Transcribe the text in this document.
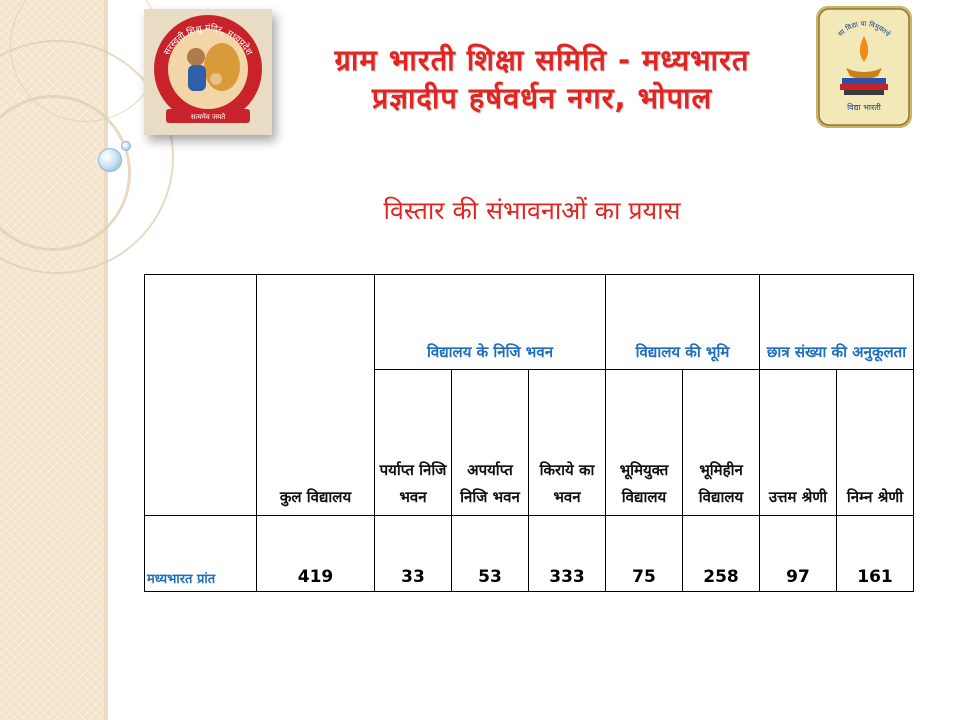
सरस्वती शिशु मंदिर, मध्यप्रदेश
सत्यमेव जयते
सा विद्या या विमुक्तये
विद्या भारती
ग्राम भारती शिक्षा समिति - मध्यभारत
प्रज्ञादीप हर्षवर्धन नगर, भोपाल
विस्तार की संभावनाओं का प्रयास
	कुल विद्यालय	विद्यालय के निजि भवन			विद्यालय की भूमि		छात्र संख्या की अनुकूलता	
		पर्याप्त निजि भवन	अपर्याप्त निजि भवन	किराये का भवन	भूमियुक्त विद्यालय	भूमिहीन विद्यालय	उत्तम श्रेणी	निम्न श्रेणी
मध्यभारत प्रांत	419	33	53	333	75	258	97	161
